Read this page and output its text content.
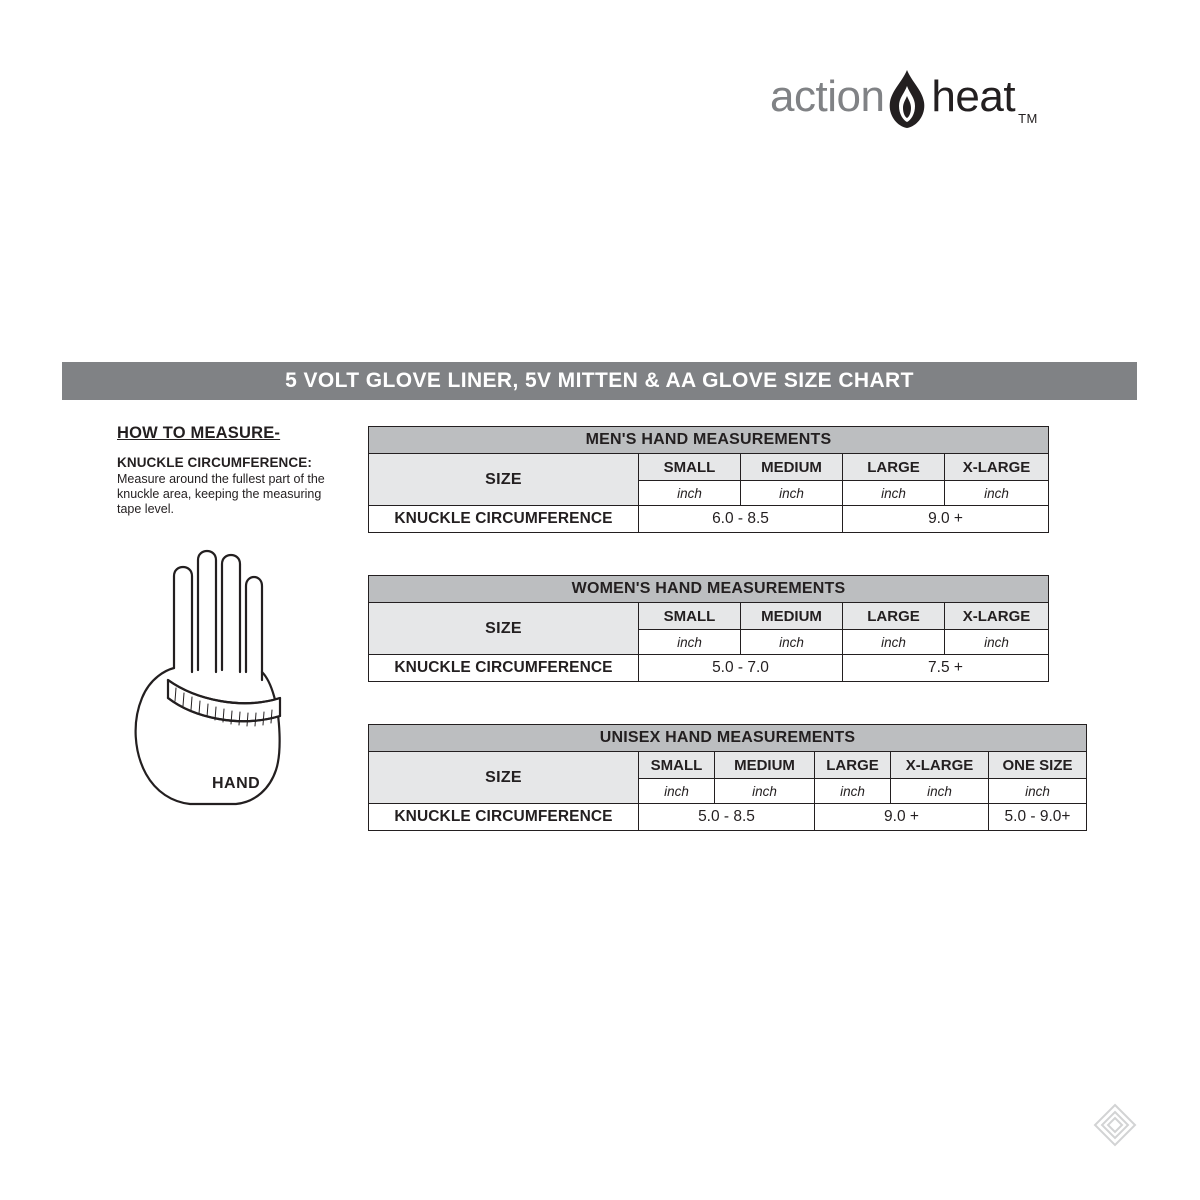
action heat TM
5 VOLT GLOVE LINER, 5V MITTEN & AA GLOVE SIZE CHART
HOW TO MEASURE-
KNUCKLE CIRCUMFERENCE:
Measure around the fullest part of the knuckle area, keeping the measuring tape level.
HAND
MEN'S HAND MEASUREMENTS				
SIZE	SMALL	MEDIUM	LARGE	X-LARGE
	inch	inch	inch	inch
KNUCKLE CIRCUMFERENCE	6.0 - 8.5		9.0 +	
WOMEN'S HAND MEASUREMENTS				
SIZE	SMALL	MEDIUM	LARGE	X-LARGE
	inch	inch	inch	inch
KNUCKLE CIRCUMFERENCE	5.0 - 7.0		7.5 +	
UNISEX HAND MEASUREMENTS					
SIZE	SMALL	MEDIUM	LARGE	X-LARGE	ONE SIZE
	inch	inch	inch	inch	inch
KNUCKLE CIRCUMFERENCE	5.0 - 8.5		9.0 +		5.0 - 9.0+
